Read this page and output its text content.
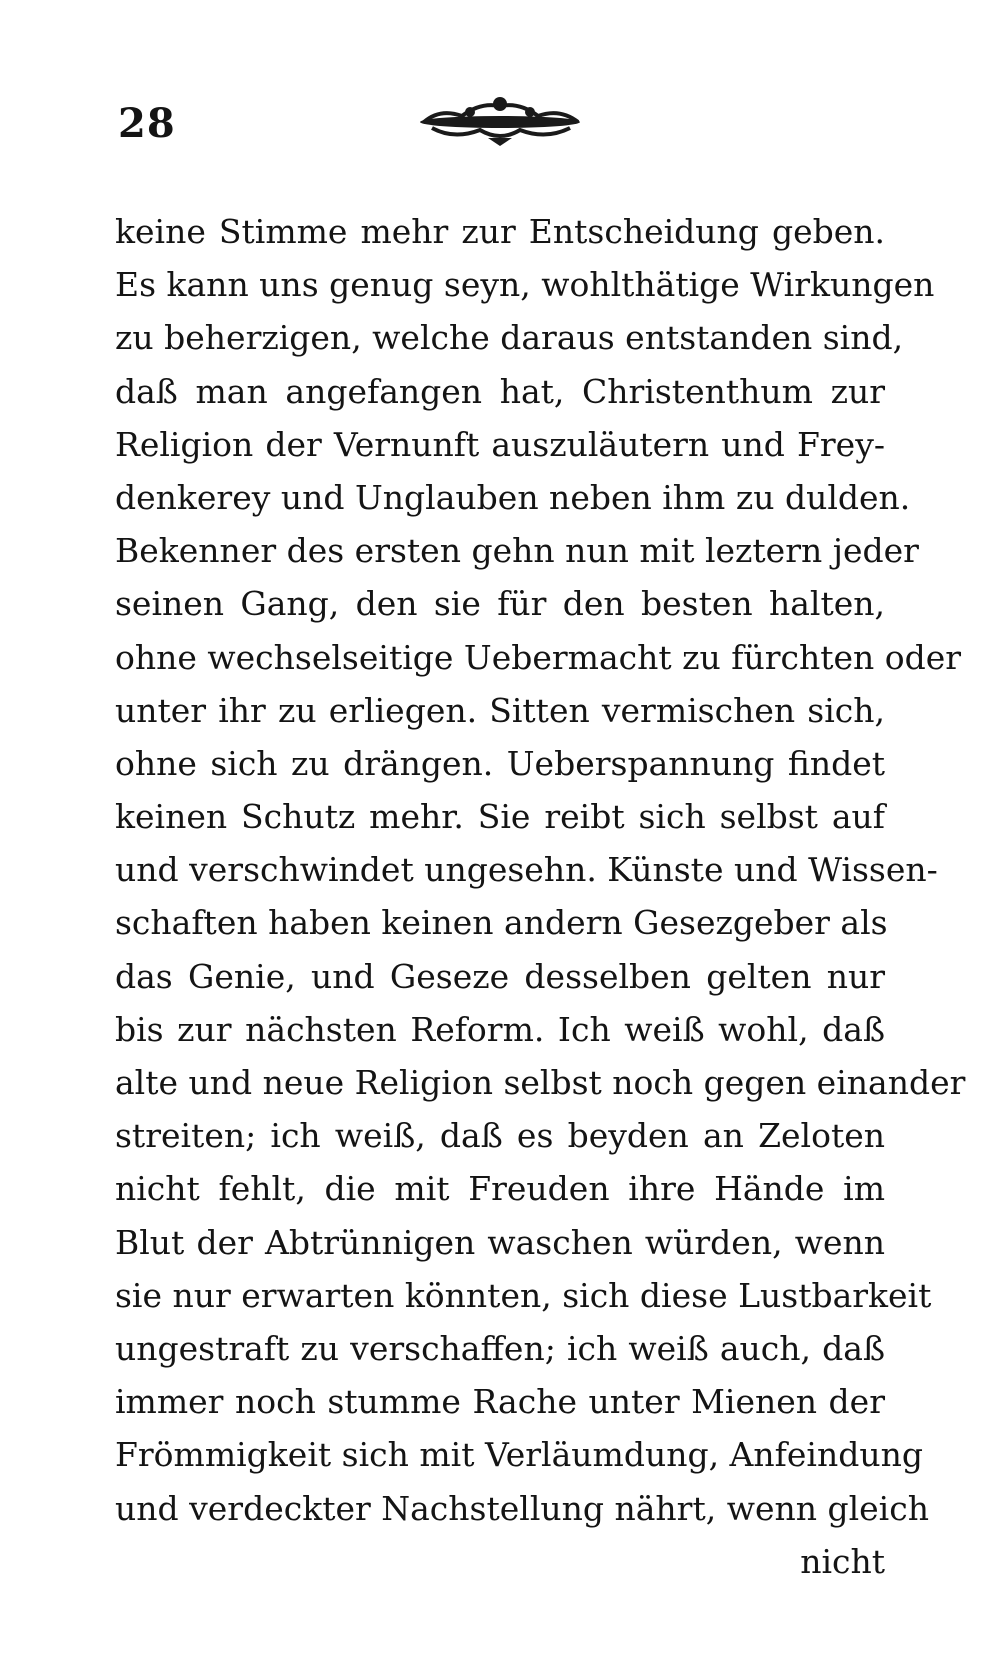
28
keine Stimme mehr zur Entscheidung geben.
Es kann uns genug seyn, wohlthätige Wirkungen
zu beherzigen, welche daraus entstanden sind,
daß man angefangen hat, Christenthum zur
Religion der Vernunft auszuläutern und Frey-
denkerey und Unglauben neben ihm zu dulden.
Bekenner des ersten gehn nun mit leztern jeder
seinen Gang, den sie für den besten halten,
ohne wechselseitige Uebermacht zu fürchten oder
unter ihr zu erliegen. Sitten vermischen sich,
ohne sich zu drängen. Ueberspannung findet
keinen Schutz mehr. Sie reibt sich selbst auf
und verschwindet ungesehn. Künste und Wissen-
schaften haben keinen andern Gesezgeber als
das Genie, und Geseze desselben gelten nur
bis zur nächsten Reform. Ich weiß wohl, daß
alte und neue Religion selbst noch gegen einander
streiten; ich weiß, daß es beyden an Zeloten
nicht fehlt, die mit Freuden ihre Hände im
Blut der Abtrünnigen waschen würden, wenn
sie nur erwarten könnten, sich diese Lustbarkeit
ungestraft zu verschaffen; ich weiß auch, daß
immer noch stumme Rache unter Mienen der
Frömmigkeit sich mit Verläumdung, Anfeindung
und verdeckter Nachstellung nährt, wenn gleich
nicht
